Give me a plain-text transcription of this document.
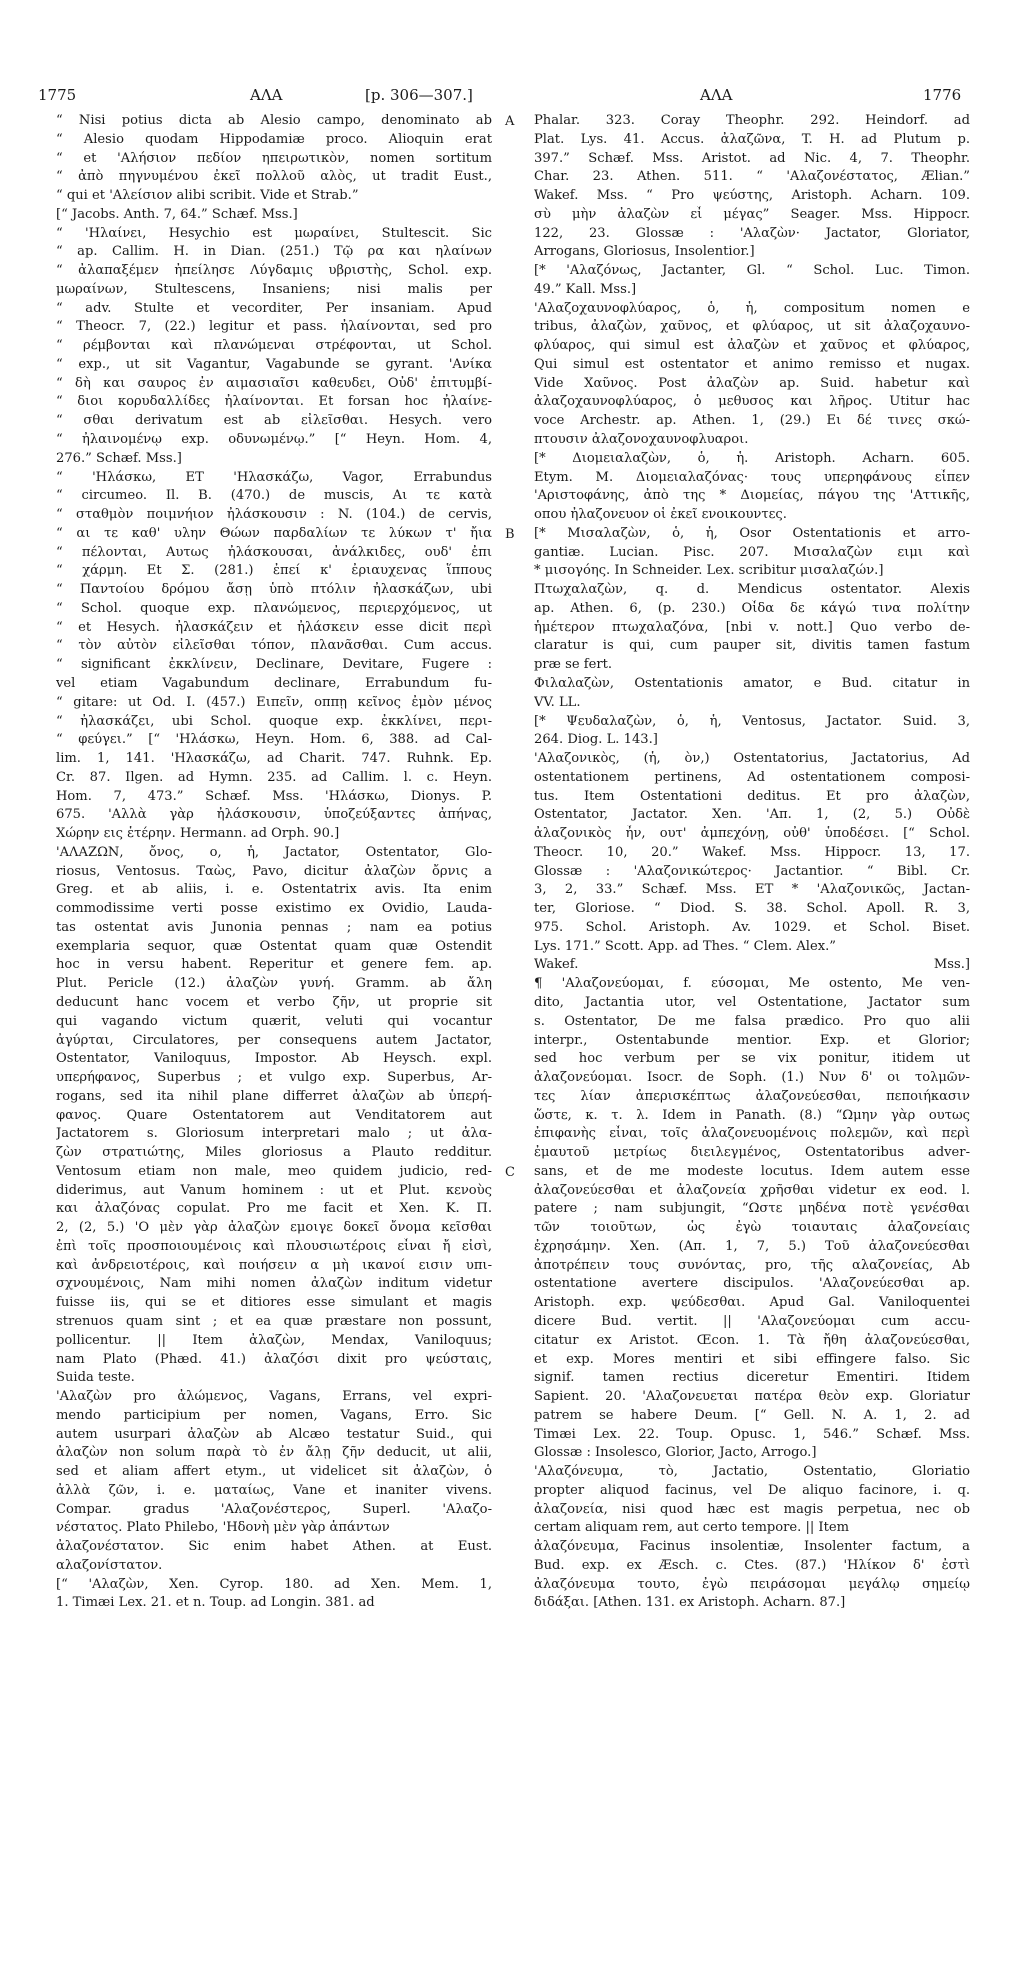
1775	ΑΛΑ	[p. 306—307.]	ΑΛΑ	1776
A
B
C
“ Nisi potius dicta ab Alesio campo, denominato ab
“ Alesio quodam Hippodamiæ proco. Alioquin erat
“ et 'Αλήσιον πεδίον ηπειρωτικὸν, nomen sortitum
“ ἀπὸ πηγνυμένου ἐκεῖ πολλοῦ αλὸς, ut tradit Eust.,
“ qui et 'Αλείσιον alibi scribit. Vide et Strab.”
[“ Jacobs. Anth. 7, 64.” Schæf. Mss.]
“ 'Ηλαίνει, Hesychio est μωραίνει, Stultescit. Sic
“ ap. Callim. H. in Dian. (251.) Τῷ ρα και ηλαίνων
“ ἀλαπαξέμεν ἠπείλησε Λύγδαμις υβριστὴς, Schol. exp.
μωραίνων, Stultescens, Insaniens; nisi malis per
“ adv. Stulte et vecorditer, Per insaniam. Apud
“ Theocr. 7, (22.) legitur et pass. ἠλαίνονται, sed pro
“ ρέμβονται καὶ πλανώμεναι στρέφονται, ut Schol.
“ exp., ut sit Vagantur, Vagabunde se gyrant. 'Ανίκα
“ δὴ και σαυρος ἐν αιμασιαῖσι καθευδει, Οὐδ' ἐπιτυμβί-
“ διοι κορυδαλλίδες ἠλαίνονται. Et forsan hoc ἠλαίνε-
“ σθαι derivatum est ab εἰλεῖσθαι. Hesych. vero
“ ἠλαινομένῳ exp. οδυνωμένῳ.” [“ Heyn. Hom. 4,
276.” Schæf. Mss.]
“ 'Ηλάσκω, ΕΤ 'Ηλασκάζω, Vagor, Errabundus
“ circumeo. Il. B. (470.) de muscis, Αι τε κατὰ
“ σταθμὸν ποιμνήιον ἠλάσκουσιν : N. (104.) de cervis,
“ αι τε καθ' υλην Θώων παρδαλίων τε λύκων τ' ἤια
“ πέλονται, Αυτως ἠλάσκουσαι, ἀνάλκιδες, ουδ' ἐπι
“ χάρμη. Et Σ. (281.) ἐπεί κ' ἐριαυχενας ἵππους
“ Παντοίου δρόμου ἄσῃ ὑπὸ πτόλιν ἠλασκάζων, ubi
“ Schol. quoque exp. πλανώμενος, περιερχόμενος, ut
“ et Hesych. ἠλασκάζειν et ἠλάσκειν esse dicit περὶ
“ τὸν αὐτὸν εἰλεῖσθαι τόπον, πλανᾶσθαι. Cum accus.
“ significant ἐκκλίνειν, Declinare, Devitare, Fugere :
vel etiam Vagabundum declinare, Errabundum fu-
“ gitare: ut Od. I. (457.) Ειπεῖν, οππῃ κεῖνος ἐμὸν μένος
“ ἠλασκάζει, ubi Schol. quoque exp. ἐκκλίνει, περι-
“ φεύγει.” [“ 'Ηλάσκω, Heyn. Hom. 6, 388. ad Cal-
lim. 1, 141. 'Ηλασκάζω, ad Charit. 747. Ruhnk. Ep.
Cr. 87. Ilgen. ad Hymn. 235. ad Callim. l. c. Heyn.
Hom. 7, 473.” Schæf. Mss. 'Ηλάσκω, Dionys. P.
675. 'Αλλὰ γὰρ ἠλάσκουσιν, ὑποζεύξαντες ἀπήνας,
Χώρην εις ἑτέρην. Hermann. ad Orph. 90.]
'ΑΛΑΖΩΝ, ὄνος, ο, ἡ, Jactator, Ostentator, Glo-
riosus, Ventosus. Ταὼς, Pavo, dicitur ἀλαζὼν ὄρνις a
Greg. et ab aliis, i. e. Ostentatrix avis. Ita enim
commodissime verti posse existimo ex Ovidio, Lauda-
tas ostentat avis Junonia pennas ; nam ea potius
exemplaria sequor, quæ Ostentat quam quæ Ostendit
hoc in versu habent. Reperitur et genere fem. ap.
Plut. Pericle (12.) ἀλαζὼν γυνή. Gramm. ab ἄλη
deducunt hanc vocem et verbo ζῆν, ut proprie sit
qui vagando victum quærit, veluti qui vocantur
ἀγύρται, Circulatores, per consequens autem Jactator,
Ostentator, Vaniloquus, Impostor. Ab Heysch. expl.
υπερήφανος, Superbus ; et vulgo exp. Superbus, Ar-
rogans, sed ita nihil plane differret ἀλαζὼν ab ὑπερή-
φανος. Quare Ostentatorem aut Venditatorem aut
Jactatorem s. Gloriosum interpretari malo ; ut ἀλα-
ζὼν στρατιώτης, Miles gloriosus a Plauto redditur.
Ventosum etiam non male, meo quidem judicio, red-
diderimus, aut Vanum hominem : ut et Plut. κενοὺς
και ἀλαζόνας copulat. Pro me facit et Xen. Κ. Π.
2, (2, 5.) 'Ο μὲν γὰρ ἀλαζὼν εμοιγε δοκεῖ ὄνομα κεῖσθαι
ἐπὶ τοῖς προσποιουμένοις καὶ πλουσιωτέροις εἶναι ἤ εἰσὶ,
καὶ ἀνδρειοτέροις, καὶ ποιήσειν α μὴ ικανοί εισιν υπι-
σχνουμένοις, Nam mihi nomen ἀλαζὼν inditum videtur
fuisse iis, qui se et ditiores esse simulant et magis
strenuos quam sint ; et ea quæ præstare non possunt,
pollicentur. || Item ἀλαζὼν, Mendax, Vaniloquus;
nam Plato (Phæd. 41.) ἀλαζόσι dixit pro ψεύσταις,
Suida teste.
'Αλαζὼν pro ἀλώμενος, Vagans, Errans, vel expri-
mendo participium per nomen, Vagans, Erro. Sic
autem usurpari ἀλαζὼν ab Alcæo testatur Suid., qui
ἀλαζὼν non solum παρὰ τὸ ἐν ἄλῃ ζῆν deducit, ut alii,
sed et aliam affert etym., ut videlicet sit ἀλαζὼν, ὁ
ἀλλὰ ζῶν, i. e. ματαίως, Vane et inaniter vivens.
Compar. gradus 'Αλαζονέστερος, Superl. 'Αλαζο-
νέστατος. Plato Philebo, 'Ηδονὴ μὲν γὰρ ἁπάντων
ἀλαζονέστατον. Sic enim habet Athen. at Eust.
αλαζονίστατον.
[“ 'Αλαζὼν, Xen. Cyrop. 180. ad Xen. Mem. 1,
1. Timæi Lex. 21. et n. Toup. ad Longin. 381. ad
Phalar. 323. Coray Theophr. 292. Heindorf. ad
Plat. Lys. 41. Accus. ἀλαζῶνα, T. H. ad Plutum p.
397.” Schæf. Mss. Aristot. ad Nic. 4, 7. Theophr.
Char. 23. Athen. 511. “ 'Αλαζονέστατος, Ælian.”
Wakef. Mss. “ Pro ψεύστης, Aristoph. Acharn. 109.
σὺ μὴν ἀλαζὼν εἶ μέγας” Seager. Mss. Hippocr.
122, 23. Glossæ : 'Αλαζὼν· Jactator, Gloriator,
Arrogans, Gloriosus, Insolentior.]
[* 'Αλαζόνως, Jactanter, Gl. “ Schol. Luc. Timon.
49.” Kall. Mss.]
'Αλαζοχαυνοφλύαρος, ὁ, ἡ, compositum nomen e
tribus, ἀλαζὼν, χαῦνος, et φλύαρος, ut sit ἀλαζοχαυνο-
φλύαρος, qui simul est ἀλαζὼν et χαῦνος et φλύαρος,
Qui simul est ostentator et animo remisso et nugax.
Vide Χαῦνος. Post ἀλαζὼν ap. Suid. habetur καὶ
ἀλαζοχαυνοφλύαρος, ὁ μεθυσος και λῆρος. Utitur hac
voce Archestr. ap. Athen. 1, (29.) Ει δέ τινες σκώ-
πτουσιν ἀλαζονοχαυνοφλυαροι.
[* Διομειαλαζὼν, ὁ, ἡ. Aristoph. Acharn. 605.
Etym. M. Διομειαλαζόνας· τους υπερηφάνους εἶπεν
'Αριστοφάνης, ἀπὸ της * Διομείας, πάγου της 'Αττικῆς,
οπου ἠλαζονευον οἱ ἐκεῖ ενοικουντες.
[* Μισαλαζὼν, ὁ, ἡ, Osor Ostentationis et arro-
gantiæ. Lucian. Pisc. 207. Μισαλαζὼν ειμι καὶ
* μισογόης. In Schneider. Lex. scribitur μισαλαζών.]
Πτωχαλαζὼν, q. d. Mendicus ostentator. Alexis
ap. Athen. 6, (p. 230.) Οἶδα δε κάγώ τινα πολίτην
ἡμέτερον πτωχαλαζόνα, [nbi v. nott.] Quo verbo de-
claratur is qui, cum pauper sit, divitis tamen fastum
præ se fert.
Φιλαλαζὼν, Ostentationis amator, e Bud. citatur in
VV. LL.
[* Ψευδαλαζὼν, ὁ, ἡ, Ventosus, Jactator. Suid. 3,
264. Diog. L. 143.]
'Αλαζονικὸς, (ἡ, ὸν,) Ostentatorius, Jactatorius, Ad
ostentationem pertinens, Ad ostentationem composi-
tus. Item Ostentationi deditus. Et pro ἀλαζὼν,
Ostentator, Jactator. Xen. 'Απ. 1, (2, 5.) Οὐδὲ
ἀλαζονικὸς ἦν, ουτ' ἀμπεχόνῃ, οὐθ' ὑποδέσει. [“ Schol.
Theocr. 10, 20.” Wakef. Mss. Hippocr. 13, 17.
Glossæ : 'Αλαζονικώτερος· Jactantior. “ Bibl. Cr.
3, 2, 33.” Schæf. Mss. ΕΤ * 'Αλαζονικῶς, Jactan-
ter, Gloriose. “ Diod. S. 38. Schol. Apoll. R. 3,
975. Schol. Aristoph. Av. 1029. et Schol. Biset.
Lys. 171.” Scott. App. ad Thes. “ Clem. Alex.”
Wakef. Mss.]
¶ 'Αλαζονεύομαι, f. εύσομαι, Me ostento, Me ven-
dito, Jactantia utor, vel Ostentatione, Jactator sum
s. Ostentator, De me falsa prædico. Pro quo alii
interpr., Ostentabunde mentior. Exp. et Glorior;
sed hoc verbum per se vix ponitur, itidem ut
ἀλαζονεύομαι. Isocr. de Soph. (1.) Νυν δ' οι τολμῶν-
τες λίαν ἀπερισκέπτως ἀλαζονεύεσθαι, πεποιήκασιν
ὥστε, κ. τ. λ. Idem in Panath. (8.) “Ωμην γὰρ ουτως
ἐπιφανὴς εἶναι, τοῖς ἀλαζονευομένοις πολεμῶν, καὶ περὶ
ἐμαυτοῦ μετρίως διειλεγμένος, Ostentatoribus adver-
sans, et de me modeste locutus. Idem autem esse
ἀλαζονεύεσθαι et ἀλαζονεία χρῆσθαι videtur ex eod. l.
patere ; nam subjungit, “Ωστε μηδένα ποτὲ γενέσθαι
τῶν τοιοῦτων, ὡς ἐγὼ τοιαυταις ἀλαζονείαις
ἐχρησάμην. Xen. (Απ. 1, 7, 5.) Τοῦ ἀλαζονεύεσθαι
ἀποτρέπειν τους συνόντας, pro, τῆς αλαζονείας, Ab
ostentatione avertere discipulos. 'Αλαζονεύεσθαι ap.
Aristoph. exp. ψεύδεσθαι. Apud Gal. Vaniloquentei
dicere Bud. vertit. || 'Αλαζονεύομαι cum accu-
citatur ex Aristot. Œcon. 1. Τὰ ἤθη ἀλαζονεύεσθαι,
et exp. Mores mentiri et sibi effingere falso. Sic
signif. tamen rectius diceretur Ementiri. Itidem
Sapient. 20. 'Αλαζονευεται πατέρα θεὸν exp. Gloriatur
patrem se habere Deum. [“ Gell. N. A. 1, 2. ad
Timæi Lex. 22. Toup. Opusc. 1, 546.” Schæf. Mss.
Glossæ : Insolesco, Glorior, Jacto, Arrogo.]
'Αλαζόνευμα, τὸ, Jactatio, Ostentatio, Gloriatio
propter aliquod facinus, vel De aliquo facinore, i. q.
ἀλαζονεία, nisi quod hæc est magis perpetua, nec ob
certam aliquam rem, aut certo tempore. || Item
ἀλαζόνευμα, Facinus insolentiæ, Insolenter factum, a
Bud. exp. ex Æsch. c. Ctes. (87.) 'Ηλίκον δ' ἐστὶ
ἀλαζόνευμα τουτο, ἐγὼ πειράσομαι μεγάλῳ σημείῳ
διδάξαι. [Athen. 131. ex Aristoph. Acharn. 87.]
